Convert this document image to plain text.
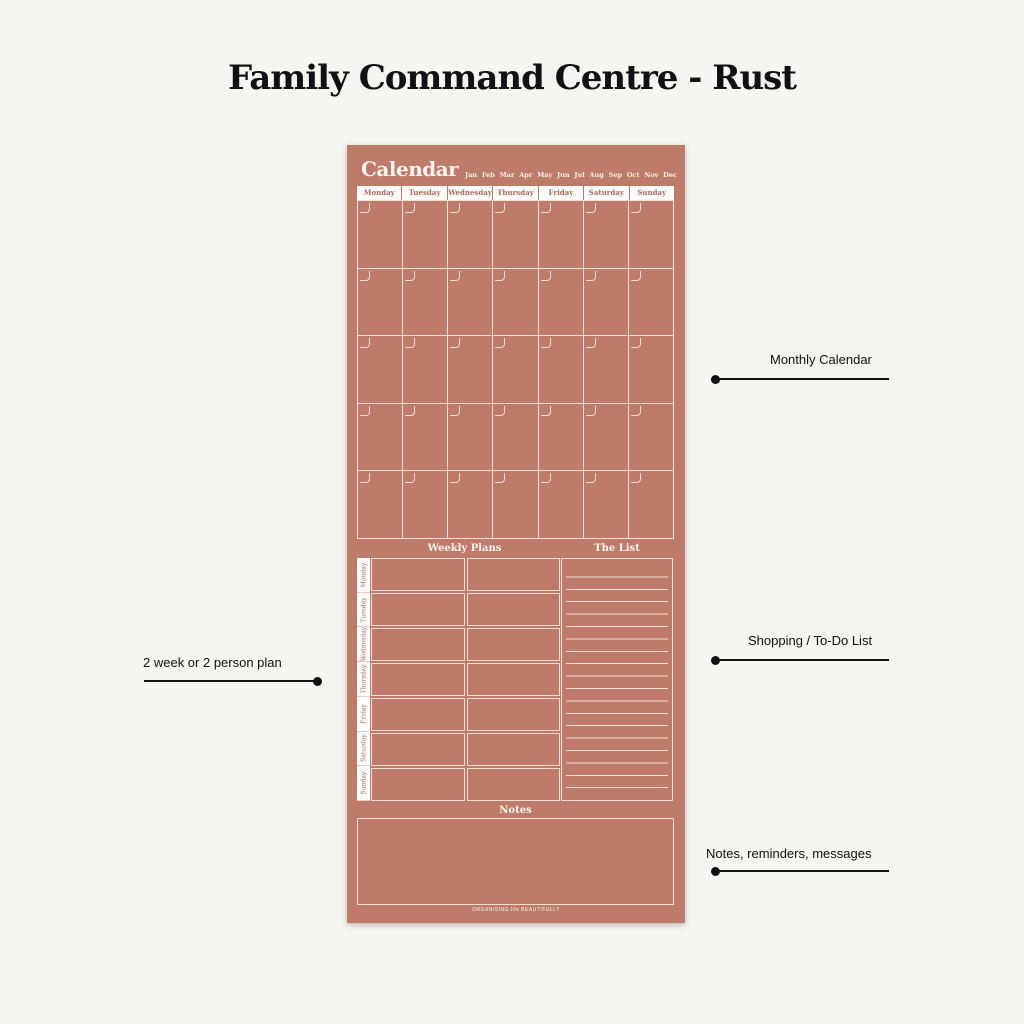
Family Command Centre - Rust
Calendar Jan Feb Mar Apr May Jun Jul Aug Sep Oct Nov Dec
Monday	Tuesday	Wednesday Thursday	Friday	Saturday	Sunday
Weekly Plans	The List
Monday
Tuesday
Wednesday
Thursday
Friday
Saturday
Sunday
Notes
ORGANISING life BEAUTIFULLY
Monthly Calendar
Shopping / To-Do List
Notes, reminders, messages
2 week or 2 person plan
